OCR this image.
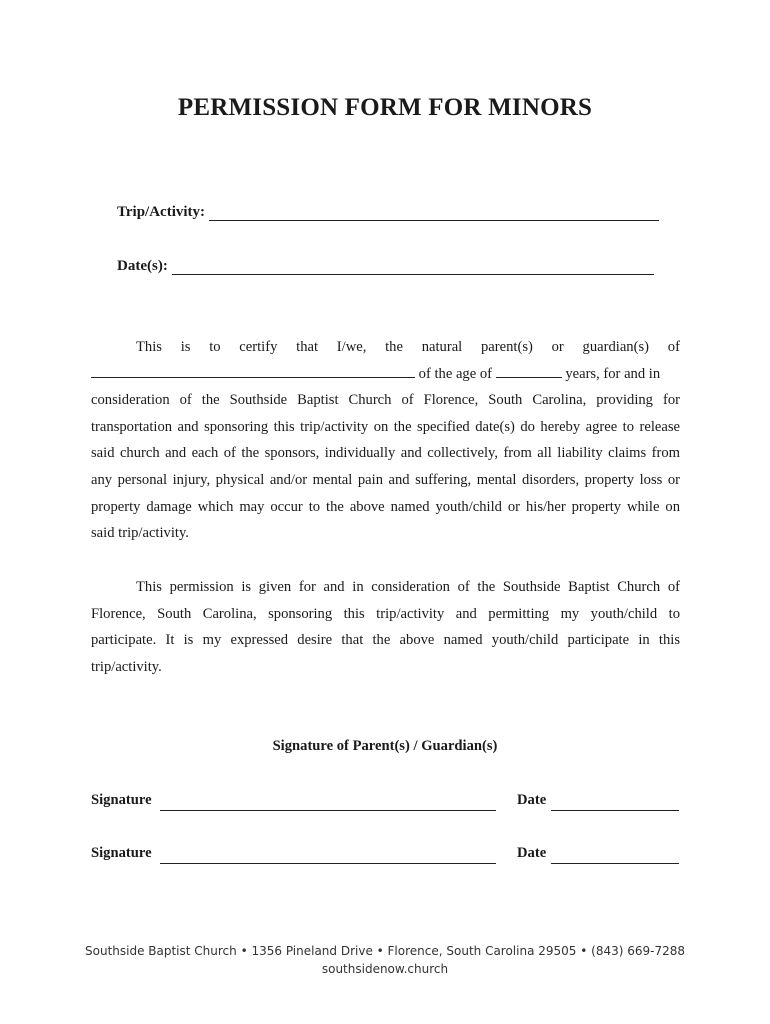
PERMISSION FORM FOR MINORS
Trip/Activity:
Date(s):
This is to certify that I/we, the natural parent(s) or guardian(s) of
of the age of	years, for and in
consideration of the Southside Baptist Church of Florence, South Carolina, providing for
transportation and sponsoring this trip/activity on the specified date(s) do hereby agree to release
said church and each of the sponsors, individually and collectively, from all liability claims from
any personal injury, physical and/or mental pain and suffering, mental disorders, property loss or
property damage which may occur to the above named youth/child or his/her property while on
said trip/activity.
This permission is given for and in consideration of the Southside Baptist Church of
Florence, South Carolina, sponsoring this trip/activity and permitting my youth/child to
participate. It is my expressed desire that the above named youth/child participate in this
trip/activity.
Signature of Parent(s) / Guardian(s)
Signature	Date
Signature	Date
Southside Baptist Church • 1356 Pineland Drive • Florence, South Carolina 29505 • (843) 669-7288
southsidenow.church
